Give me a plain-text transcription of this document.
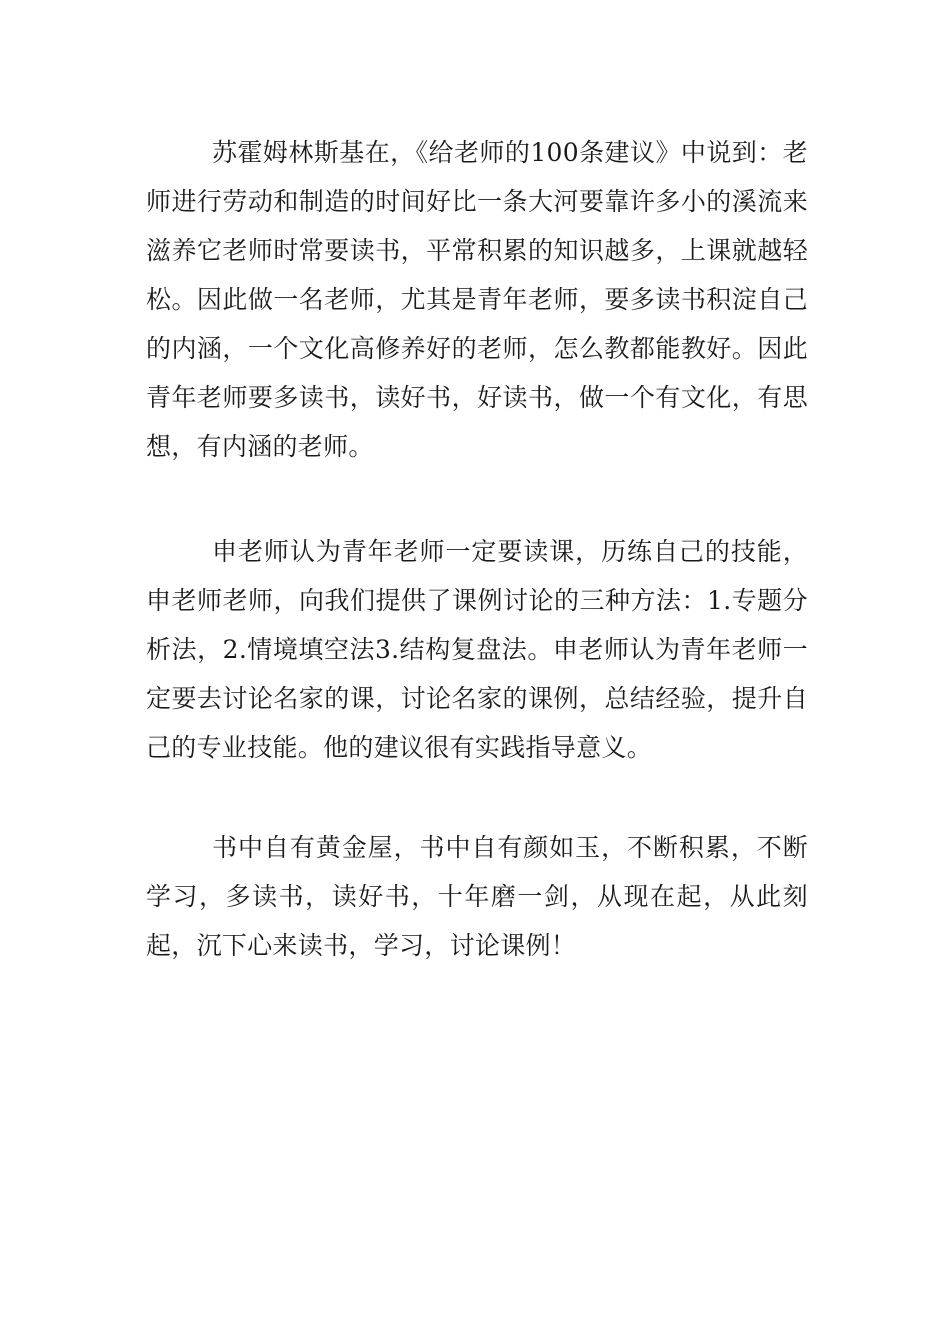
苏霍姆林斯基在，《给老师的100条建议》中说到：老师进行劳动和制造的时间好比一条大河要靠许多小的溪流来滋养它老师时常要读书，平常积累的知识越多，上课就越轻松。因此做一名老师，尤其是青年老师，要多读书积淀自己的内涵，一个文化高修养好的老师，怎么教都能教好。因此青年老师要多读书，读好书，好读书，做一个有文化，有思想，有内涵的老师。

申老师认为青年老师一定要读课，历练自己的技能，申老师老师，向我们提供了课例讨论的三种方法：1.专题分析法，2.情境填空法3.结构复盘法。申老师认为青年老师一定要去讨论名家的课，讨论名家的课例，总结经验，提升自己的专业技能。他的建议很有实践指导意义。

书中自有黄金屋，书中自有颜如玉，不断积累，不断学习，多读书，读好书，十年磨一剑，从现在起，从此刻起，沉下心来读书，学习，讨论课例！
